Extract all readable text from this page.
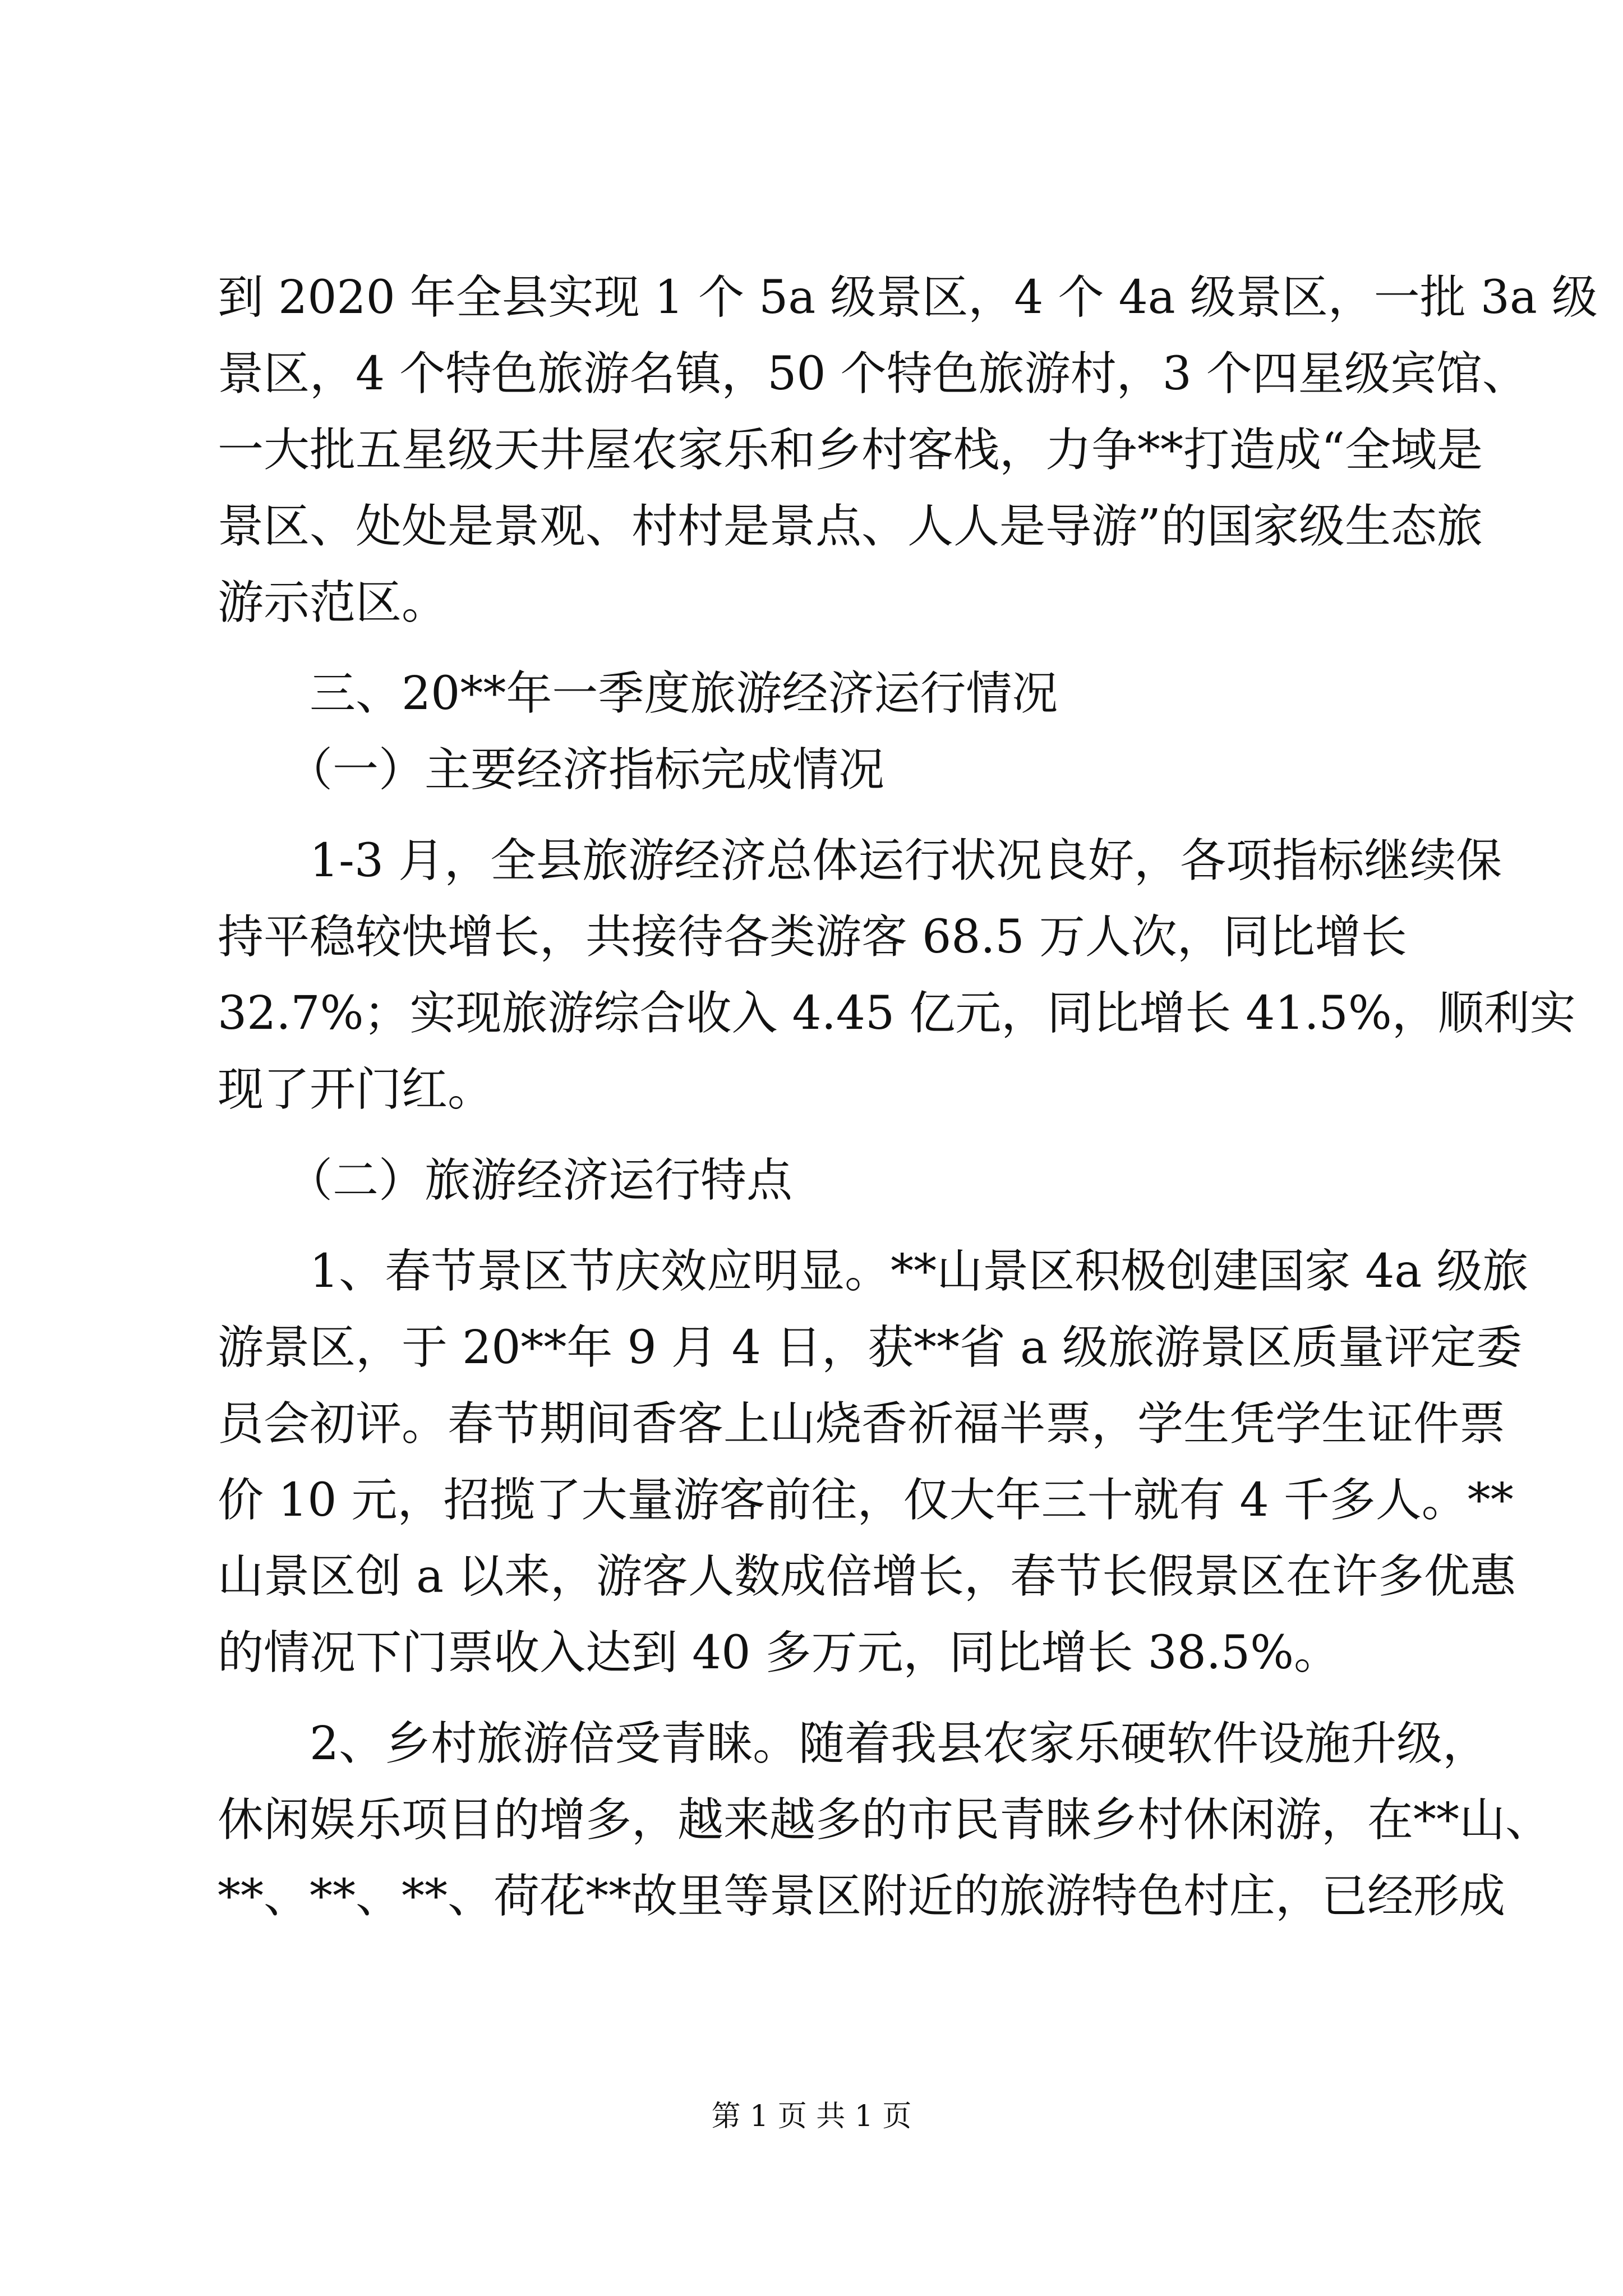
到 2020 年全县实现 1 个 5a 级景区，4 个 4a 级景区，一批 3a 级
景区，4 个特色旅游名镇，50 个特色旅游村，3 个四星级宾馆、
一大批五星级天井屋农家乐和乡村客栈，力争**打造成“全域是
景区、处处是景观、村村是景点、人人是导游”的国家级生态旅
游示范区。
　　三、20**年一季度旅游经济运行情况
　　（一）主要经济指标完成情况
　　1-3 月，全县旅游经济总体运行状况良好，各项指标继续保
持平稳较快增长，共接待各类游客 68.5 万人次，同比增长
32.7%；实现旅游综合收入 4.45 亿元，同比增长 41.5%，顺利实
现了开门红。
　　（二）旅游经济运行特点
　　1、春节景区节庆效应明显。**山景区积极创建国家 4a 级旅
游景区，于 20**年 9 月 4 日，获**省 a 级旅游景区质量评定委
员会初评。春节期间香客上山烧香祈福半票，学生凭学生证件票
价 10 元，招揽了大量游客前往，仅大年三十就有 4 千多人。**
山景区创 a 以来，游客人数成倍增长，春节长假景区在许多优惠
的情况下门票收入达到 40 多万元，同比增长 38.5%。
　　2、乡村旅游倍受青睐。随着我县农家乐硬软件设施升级，
休闲娱乐项目的增多，越来越多的市民青睐乡村休闲游，在**山、
**、**、**、荷花**故里等景区附近的旅游特色村庄，已经形成
第 1 页 共 1 页
